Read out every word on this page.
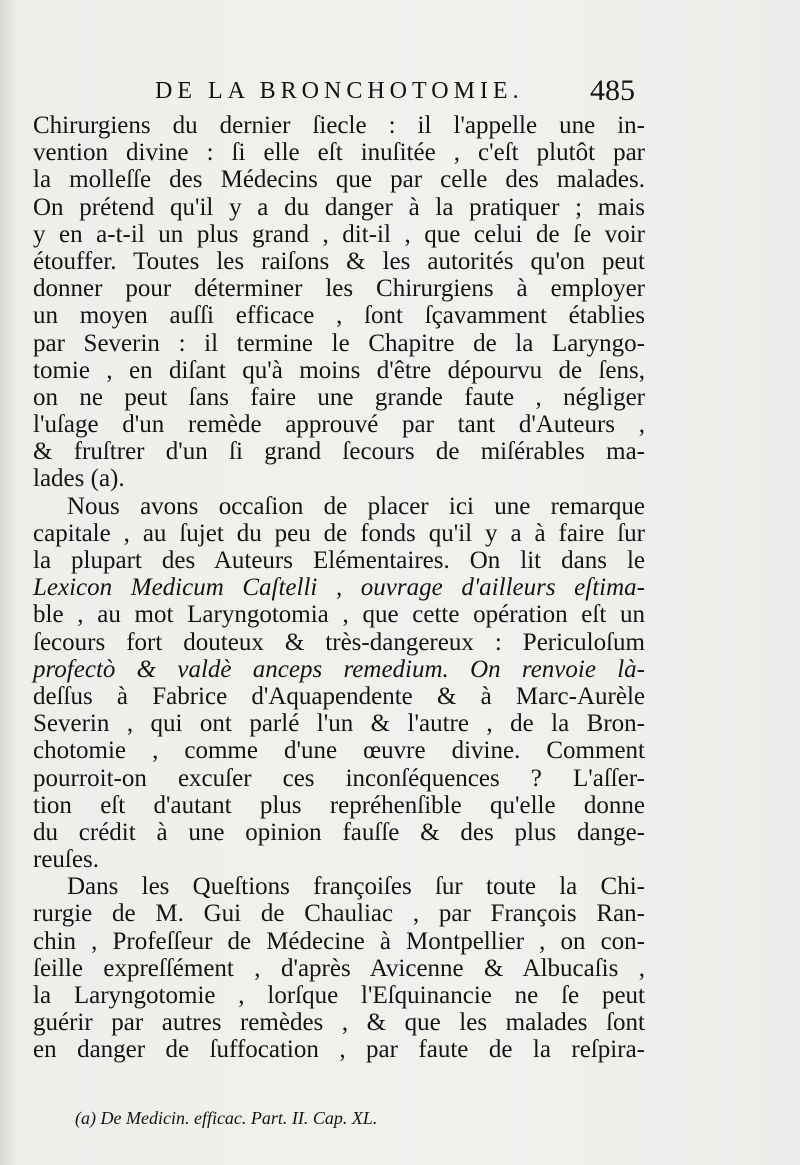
DE LA BRONCHOTOMIE. 485
Chirurgiens du dernier ſiecle : il l'appelle une in-
vention divine : ſi elle eſt inuſitée , c'eſt plutôt par
la molleſſe des Médecins que par celle des malades.
On prétend qu'il y a du danger à la pratiquer ; mais
y en a-t-il un plus grand , dit-il , que celui de ſe voir
étouffer. Toutes les raiſons & les autorités qu'on peut
donner pour déterminer les Chirurgiens à employer
un moyen auſſi efficace , ſont ſçavamment établies
par Severin : il termine le Chapitre de la Laryngo-
tomie , en diſant qu'à moins d'être dépourvu de ſens,
on ne peut ſans faire une grande faute , négliger
l'uſage d'un remède approuvé par tant d'Auteurs ,
& fruſtrer d'un ſi grand ſecours de miſérables ma-
lades (a).
Nous avons occaſion de placer ici une remarque
capitale , au ſujet du peu de fonds qu'il y a à faire ſur
la plupart des Auteurs Elémentaires. On lit dans le
Lexicon Medicum Caſtelli , ouvrage d'ailleurs eſtima-
ble , au mot Laryngotomia , que cette opération eſt un
ſecours fort douteux & très-dangereux : Periculoſum
profectò & valdè anceps remedium. On renvoie là-
deſſus à Fabrice d'Aquapendente & à Marc-Aurèle
Severin , qui ont parlé l'un & l'autre , de la Bron-
chotomie , comme d'une œuvre divine. Comment
pourroit-on excuſer ces inconſéquences ? L'aſſer-
tion eſt d'autant plus repréhenſible qu'elle donne
du crédit à une opinion fauſſe & des plus dange-
reuſes.
Dans les Queſtions françoiſes ſur toute la Chi-
rurgie de M. Gui de Chauliac , par François Ran-
chin , Profeſſeur de Médecine à Montpellier , on con-
ſeille expreſſément , d'après Avicenne & Albucaſis ,
la Laryngotomie , lorſque l'Eſquinancie ne ſe peut
guérir par autres remèdes , & que les malades ſont
en danger de ſuffocation , par faute de la reſpira-
(a) De Medicin. efficac. Part. II. Cap. XL.
